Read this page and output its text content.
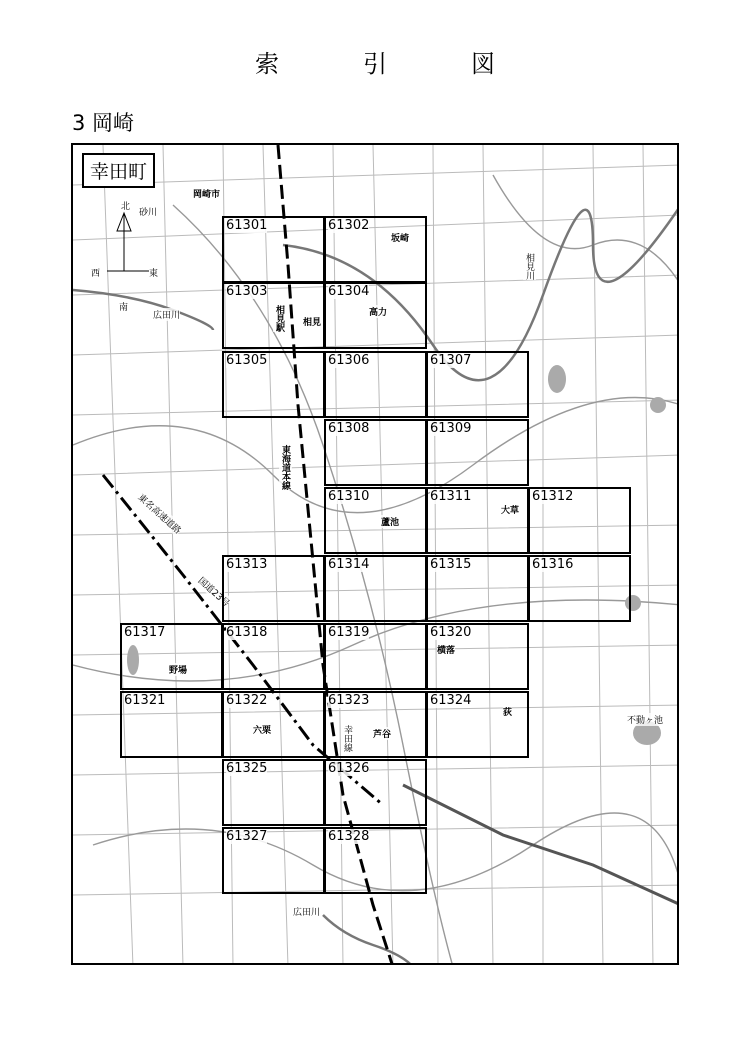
索　引　図
3 岡崎
幸田町
北
西	東
南
岡崎市
坂崎
相見
相見駅	高力
蘆池
大草
横落
野場
六栗	芦谷
荻
不動ヶ池
東海道本線
広田川
広田川
相見川
砂川
東名高速道路
国道23号
幸田線
61301	61302
61303	61304
61305	61306	61307
61308	61309
61310	61311	61312
61313	61314	61315	61316
61317	61318	61319	61320
61321	61322	61323	61324
61325	61326
61327	61328
